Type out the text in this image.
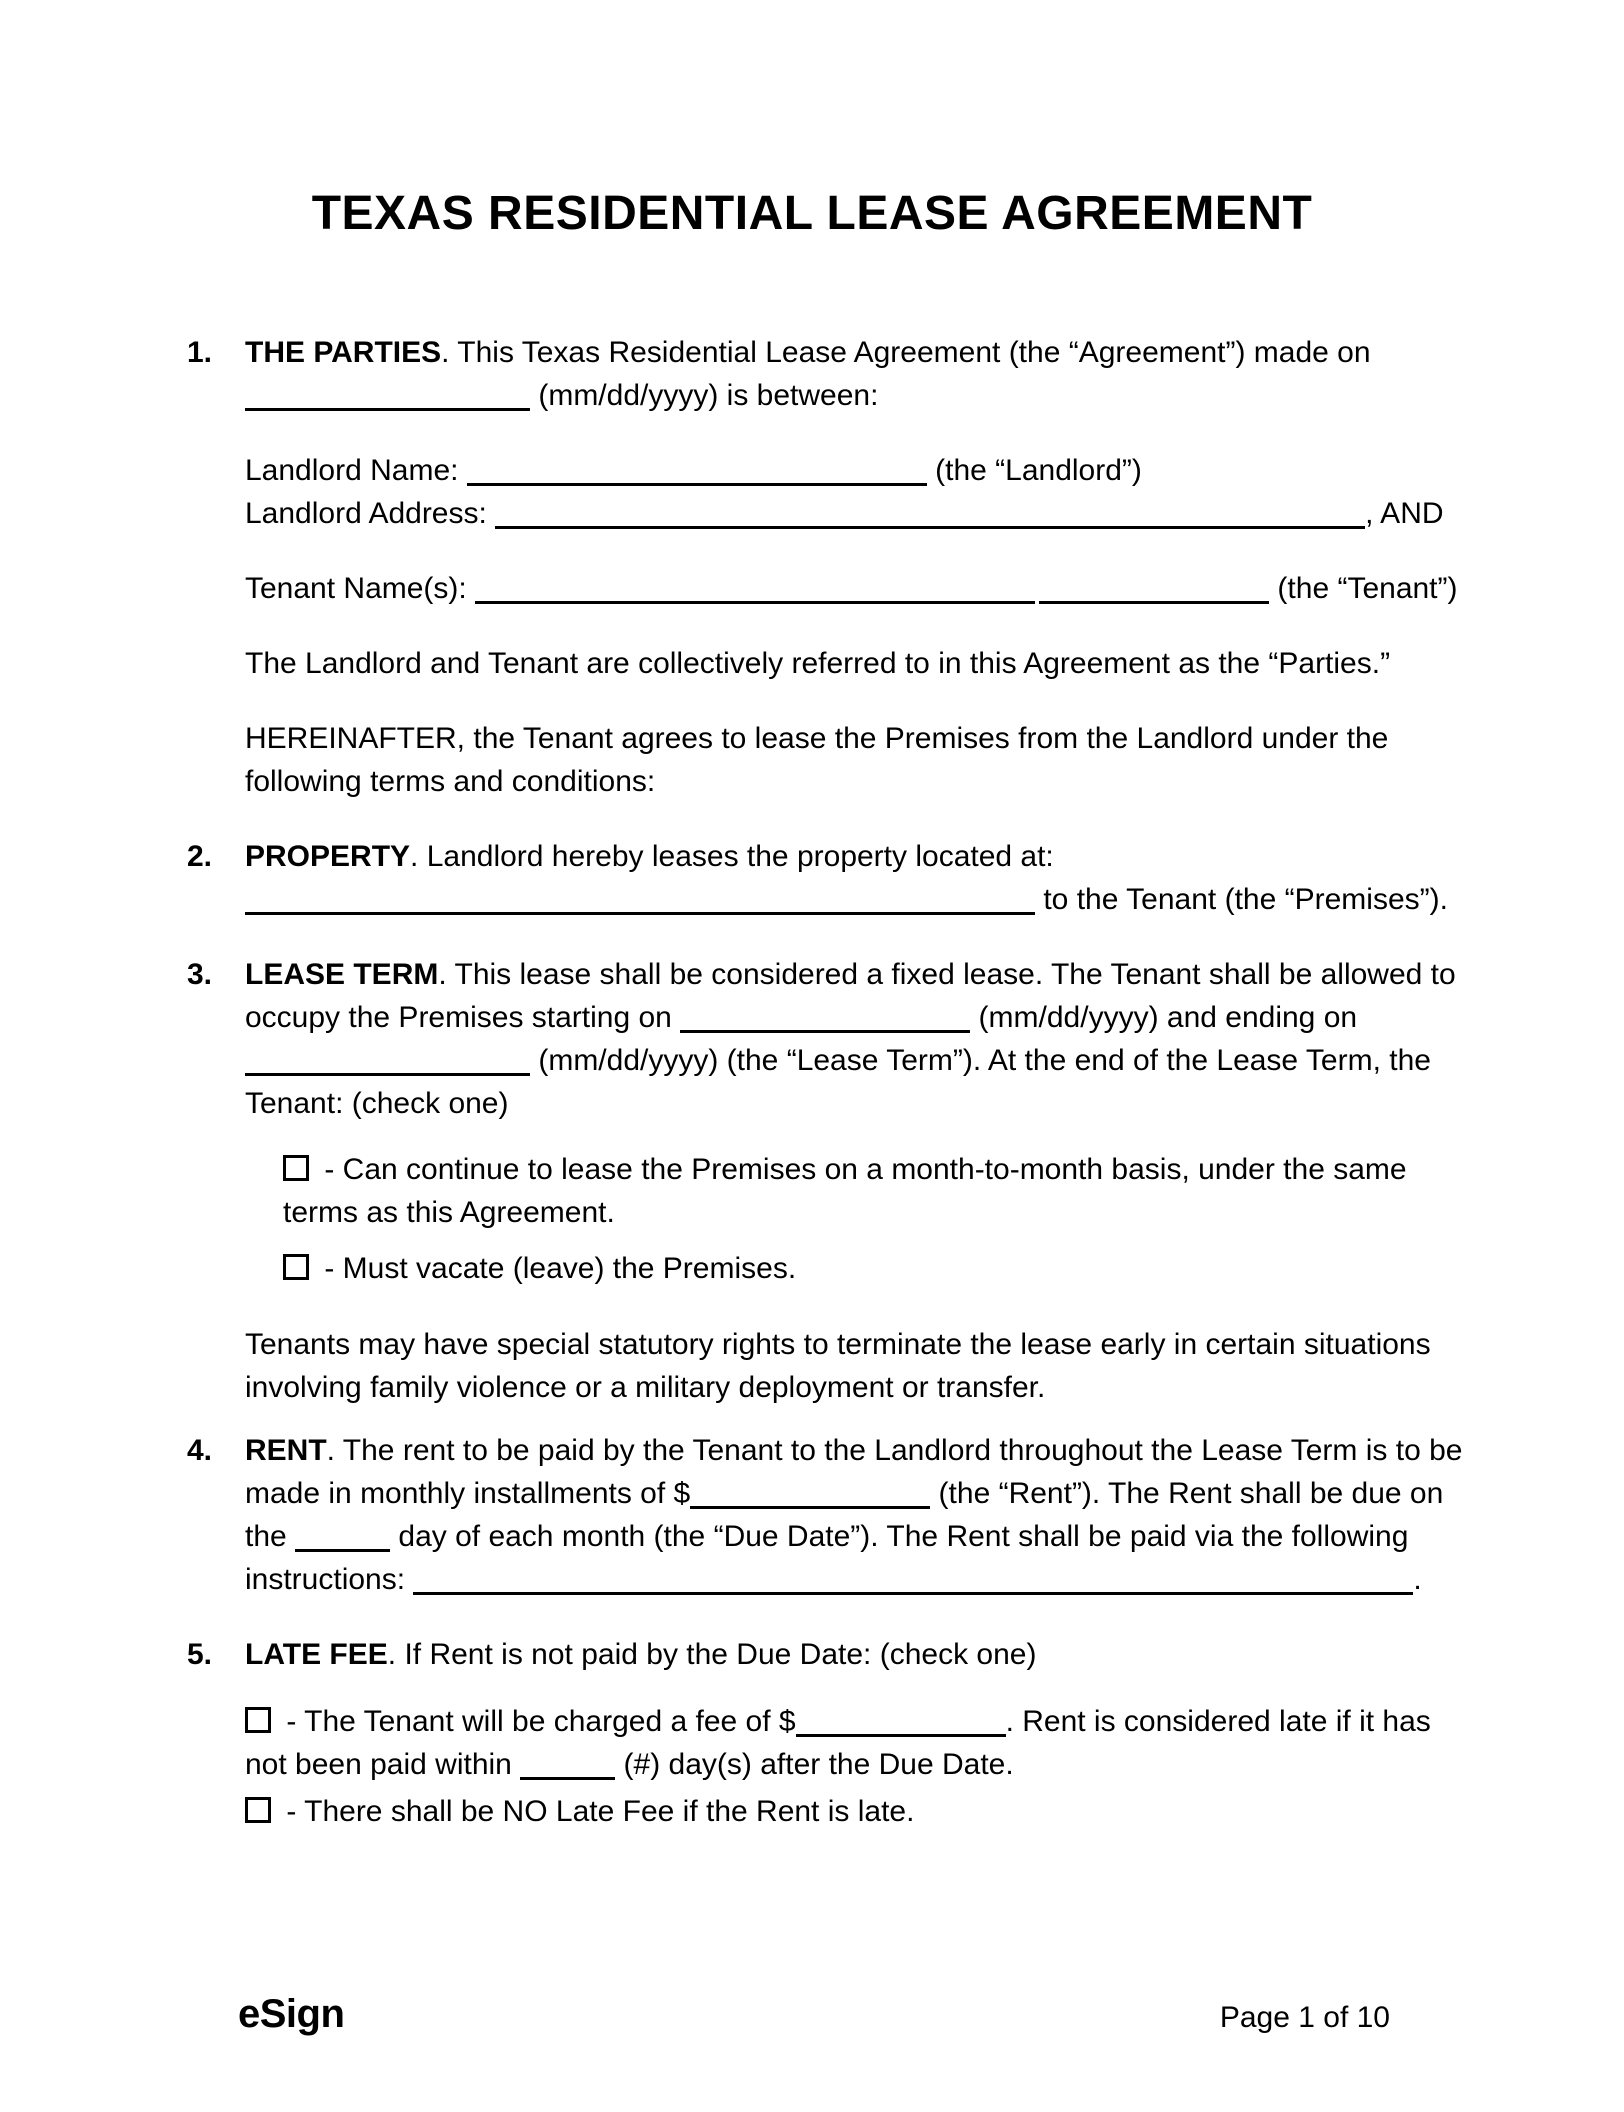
TEXAS RESIDENTIAL LEASE AGREEMENT
1.	THE PARTIES. This Texas Residential Lease Agreement (the “Agreement”) made on
(mm/dd/yyyy) is between:
Landlord Name:	(the “Landlord”)
Landlord Address:	, AND
Tenant Name(s):	(the “Tenant”)
The Landlord and Tenant are collectively referred to in this Agreement as the “Parties.”
HEREINAFTER, the Tenant agrees to lease the Premises from the Landlord under the
following terms and conditions:
2.	PROPERTY. Landlord hereby leases the property located at:
to the Tenant (the “Premises”).
3.	LEASE TERM. This lease shall be considered a fixed lease. The Tenant shall be allowed to
occupy the Premises starting on	(mm/dd/yyyy) and ending on
(mm/dd/yyyy) (the “Lease Term”). At the end of the Lease Term, the
Tenant: (check one)
- Can continue to lease the Premises on a month-to-month basis, under the same
terms as this Agreement.
- Must vacate (leave) the Premises.
Tenants may have special statutory rights to terminate the lease early in certain situations
involving family violence or a military deployment or transfer.
4.	RENT. The rent to be paid by the Tenant to the Landlord throughout the Lease Term is to be
made in monthly installments of $	(the “Rent”). The Rent shall be due on
the	day of each month (the “Due Date”). The Rent shall be paid via the following
instructions:	.
5.	LATE FEE. If Rent is not paid by the Due Date: (check one)
- The Tenant will be charged a fee of $	. Rent is considered late if it has
not been paid within	(#) day(s) after the Due Date.
- There shall be NO Late Fee if the Rent is late.
eSign	Page 1 of 10
